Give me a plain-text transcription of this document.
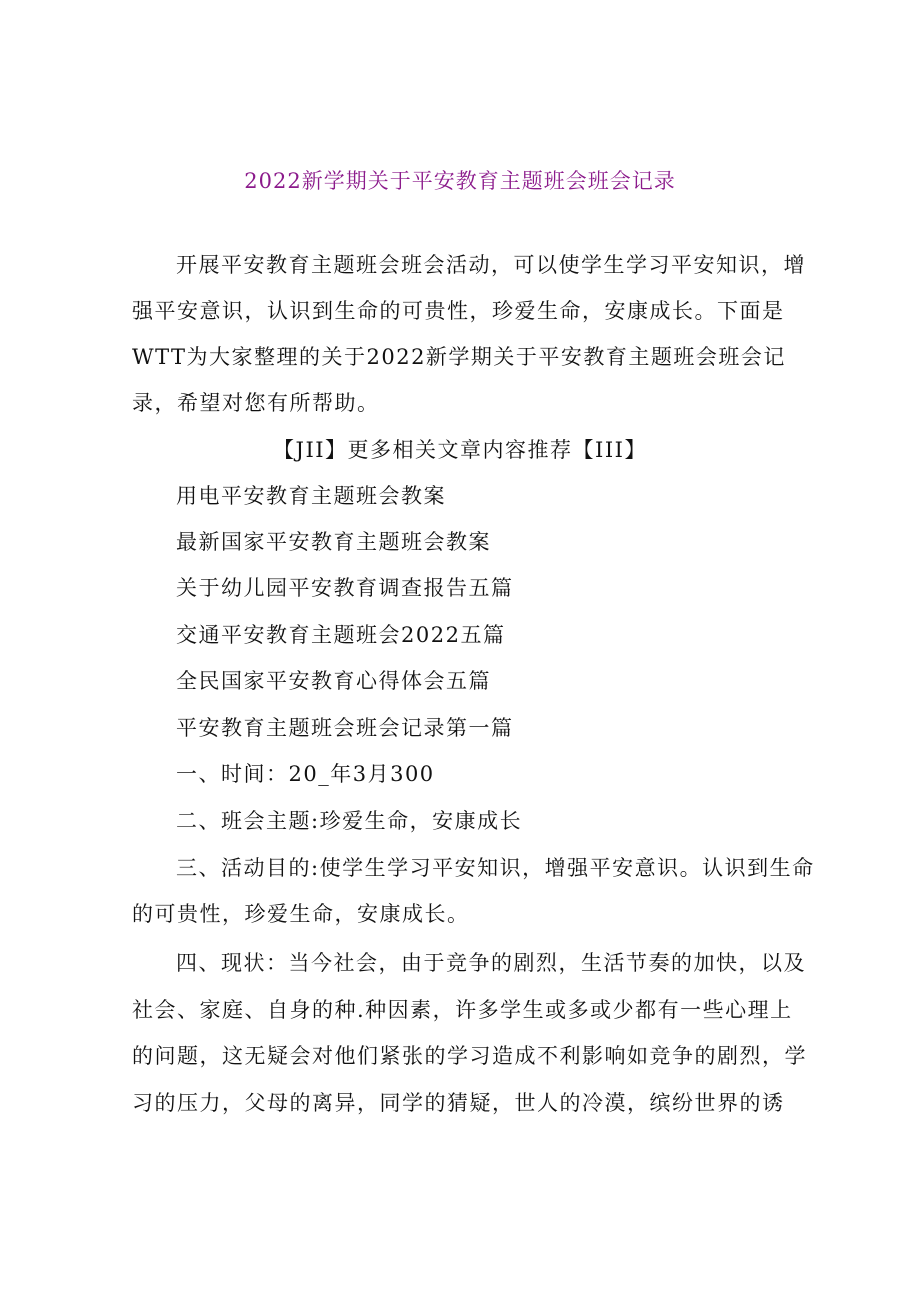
2022新学期关于平安教育主题班会班会记录
开展平安教育主题班会班会活动，可以使学生学习平安知识，增
强平安意识，认识到生命的可贵性，珍爱生命，安康成长。下面是
WTT为大家整理的关于2022新学期关于平安教育主题班会班会记
录，希望对您有所帮助。
【JII】更多相关文章内容推荐【III】
用电平安教育主题班会教案
最新国家平安教育主题班会教案
关于幼儿园平安教育调查报告五篇
交通平安教育主题班会2022五篇
全民国家平安教育心得体会五篇
平安教育主题班会班会记录第一篇
一、时间：20_年3月300
二、班会主题:珍爱生命，安康成长
三、活动目的:使学生学习平安知识，增强平安意识。认识到生命
的可贵性，珍爱生命，安康成长。
四、现状：当今社会，由于竞争的剧烈，生活节奏的加快，以及
社会、家庭、自身的种.种因素，许多学生或多或少都有一些心理上
的问题，这无疑会对他们紧张的学习造成不利影响如竞争的剧烈，学
习的压力，父母的离异，同学的猜疑，世人的冷漠，缤纷世界的诱
